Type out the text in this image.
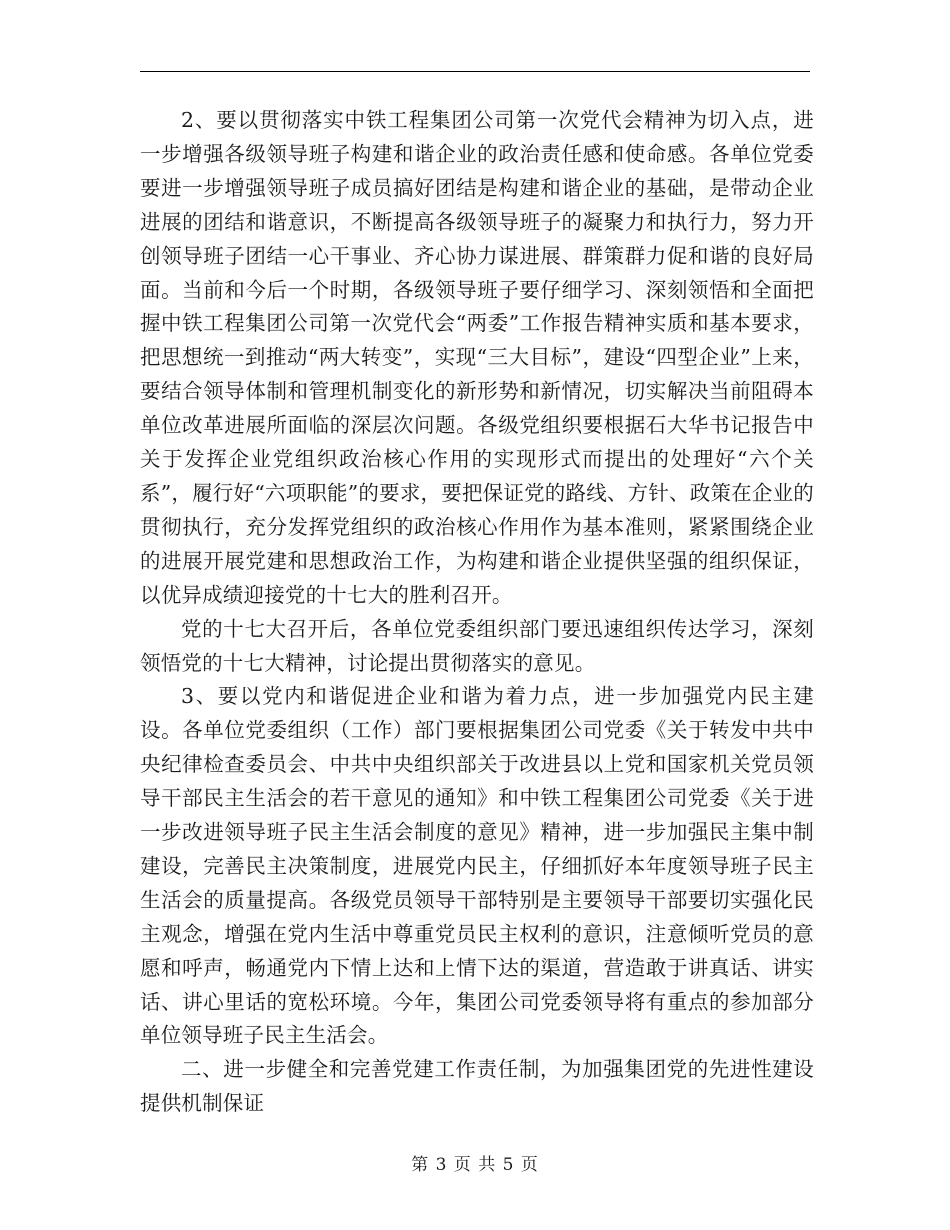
2、要以贯彻落实中铁工程集团公司第一次党代会精神为切入点，进一步增强各级领导班子构建和谐企业的政治责任感和使命感。各单位党委要进一步增强领导班子成员搞好团结是构建和谐企业的基础，是带动企业进展的团结和谐意识，不断提高各级领导班子的凝聚力和执行力，努力开创领导班子团结一心干事业、齐心协力谋进展、群策群力促和谐的良好局面。当前和今后一个时期，各级领导班子要仔细学习、深刻领悟和全面把握中铁工程集团公司第一次党代会“两委”工作报告精神实质和基本要求，把思想统一到推动“两大转变”，实现“三大目标”，建设“四型企业”上来，要结合领导体制和管理机制变化的新形势和新情况，切实解决当前阻碍本单位改革进展所面临的深层次问题。各级党组织要根据石大华书记报告中关于发挥企业党组织政治核心作用的实现形式而提出的处理好“六个关系”，履行好“六项职能”的要求，要把保证党的路线、方针、政策在企业的贯彻执行，充分发挥党组织的政治核心作用作为基本准则，紧紧围绕企业的进展开展党建和思想政治工作，为构建和谐企业提供坚强的组织保证，以优异成绩迎接党的十七大的胜利召开。

党的十七大召开后，各单位党委组织部门要迅速组织传达学习，深刻领悟党的十七大精神，讨论提出贯彻落实的意见。

3、要以党内和谐促进企业和谐为着力点，进一步加强党内民主建设。各单位党委组织（工作）部门要根据集团公司党委《关于转发中共中央纪律检查委员会、中共中央组织部关于改进县以上党和国家机关党员领导干部民主生活会的若干意见的通知》和中铁工程集团公司党委《关于进一步改进领导班子民主生活会制度的意见》精神，进一步加强民主集中制建设，完善民主决策制度，进展党内民主，仔细抓好本年度领导班子民主生活会的质量提高。各级党员领导干部特别是主要领导干部要切实强化民主观念，增强在党内生活中尊重党员民主权利的意识，注意倾听党员的意愿和呼声，畅通党内下情上达和上情下达的渠道，营造敢于讲真话、讲实话、讲心里话的宽松环境。今年，集团公司党委领导将有重点的参加部分单位领导班子民主生活会。

二、进一步健全和完善党建工作责任制，为加强集团党的先进性建设提供机制保证

第 3 页 共 5 页
